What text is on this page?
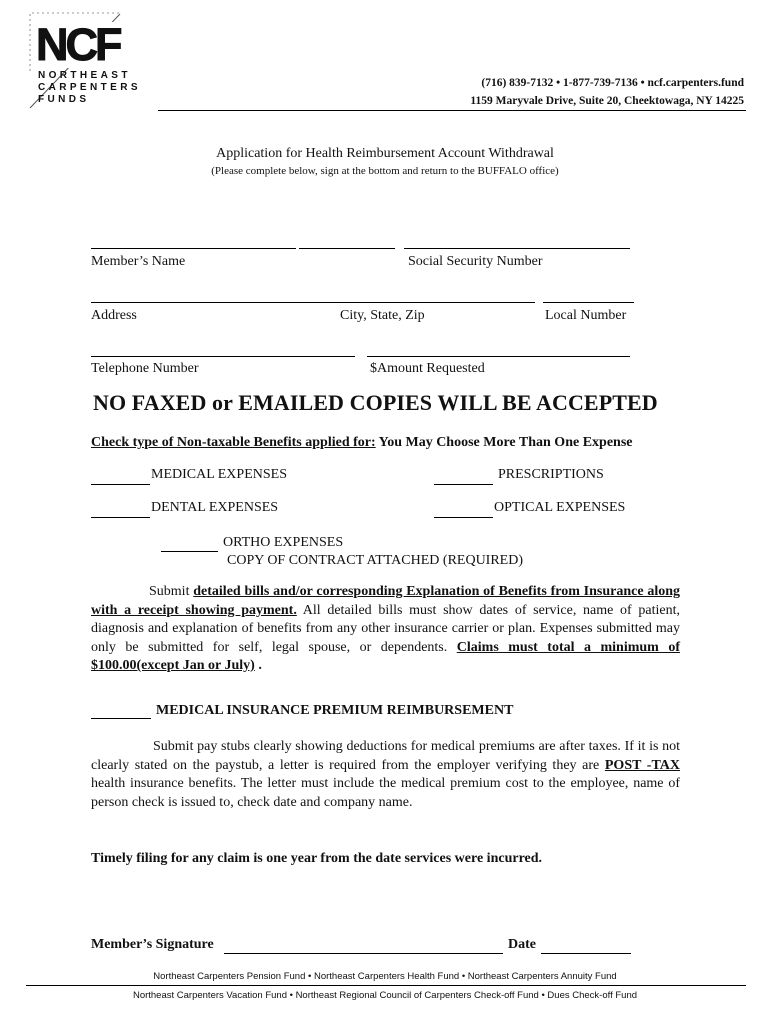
NCF
NORTHEAST
CARPENTERS
FUNDS
(716) 839-7132 • 1-877-739-7136 • ncf.carpenters.fund
1159 Maryvale Drive, Suite 20, Cheektowaga, NY 14225
Application for Health Reimbursement Account Withdrawal
(Please complete below, sign at the bottom and return to the BUFFALO office)
Member’s Name	Social Security Number
Address	City, State, Zip	Local Number
Telephone Number	$Amount Requested
NO FAXED or EMAILED COPIES WILL BE ACCEPTED
Check type of Non-taxable Benefits applied for: You May Choose More Than One Expense
MEDICAL EXPENSES	PRESCRIPTIONS
DENTAL EXPENSES	OPTICAL EXPENSES
ORTHO EXPENSES
COPY OF CONTRACT ATTACHED (REQUIRED)
Submit detailed bills and/or corresponding Explanation of Benefits from Insurance along with a receipt showing payment. All detailed bills must show dates of service, name of patient, diagnosis and explanation of benefits from any other insurance carrier or plan. Expenses submitted may only be submitted for self, legal spouse, or dependents. Claims must total a minimum of $100.00(except Jan or July) .
MEDICAL INSURANCE PREMIUM REIMBURSEMENT
Submit pay stubs clearly showing deductions for medical premiums are after taxes. If it is not clearly stated on the paystub, a letter is required from the employer verifying they are POST -TAX health insurance benefits. The letter must include the medical premium cost to the employee, name of person check is issued to, check date and company name.
Timely filing for any claim is one year from the date services were incurred.
Member’s Signature	Date
Northeast Carpenters Pension Fund • Northeast Carpenters Health Fund • Northeast Carpenters Annuity Fund
Northeast Carpenters Vacation Fund • Northeast Regional Council of Carpenters Check-off Fund • Dues Check-off Fund
